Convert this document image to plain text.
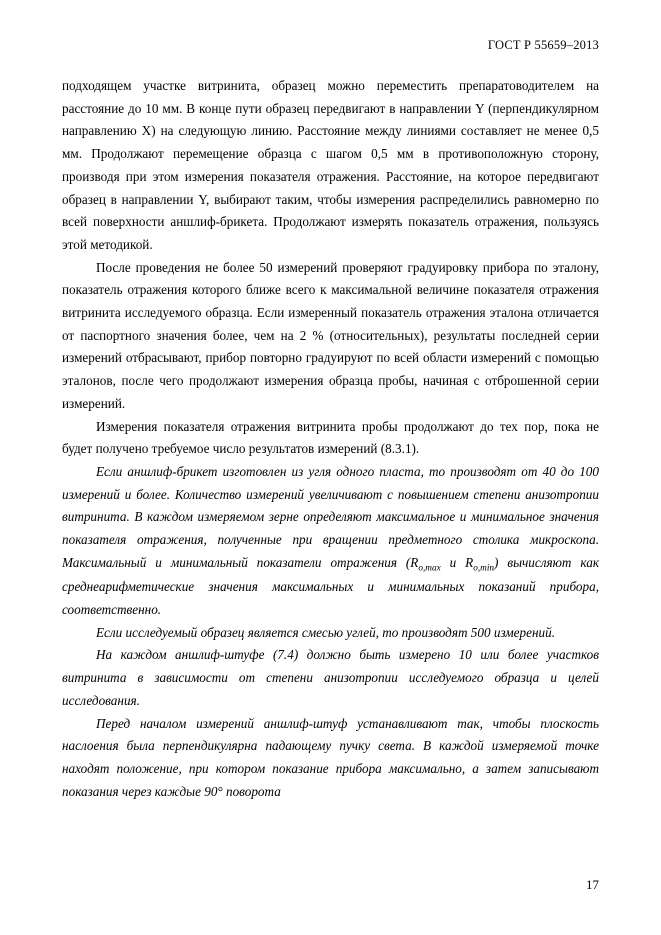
ГОСТ Р 55659–2013

подходящем участке витринита, образец можно переместить препаратоводителем на расстояние до 10 мм. В конце пути образец передвигают в направлении Y (перпендикулярном направлению X) на следующую линию. Расстояние между линиями составляет не менее 0,5 мм. Продолжают перемещение образца с шагом 0,5 мм в противоположную сторону, производя при этом измерения показателя отражения. Расстояние, на которое передвигают образец в направлении Y, выбирают таким, чтобы измерения распределились равномерно по всей поверхности аншлиф-брикета. Продолжают измерять показатель отражения, пользуясь этой методикой.

После проведения не более 50 измерений проверяют градуировку прибора по эталону, показатель отражения которого ближе всего к максимальной величине показателя отражения витринита исследуемого образца. Если измеренный показатель отражения эталона отличается от паспортного значения более, чем на 2 % (относительных), результаты последней серии измерений отбрасывают, прибор повторно градуируют по всей области измерений с помощью эталонов, после чего продолжают измерения образца пробы, начиная с отброшенной серии измерений.

Измерения показателя отражения витринита пробы продолжают до тех пор, пока не будет получено требуемое число результатов измерений (8.3.1).

Если аншлиф-брикет изготовлен из угля одного пласта, то производят от 40 до 100 измерений и более. Количество измерений увеличивают с повышением степени анизотропии витринита. В каждом измеряемом зерне определяют максимальное и минимальное значения показателя отражения, полученные при вращении предметного столика микроскопа. Максимальный и минимальный показатели отражения ($R_{o,max}$ и $R_{o,min}$) вычисляют как среднеарифметические значения максимальных и минимальных показаний прибора, соответственно.

Если исследуемый образец является смесью углей, то производят 500 измерений.

На каждом аншлиф-штуфе (7.4) должно быть измерено 10 или более участков витринита в зависимости от степени анизотропии исследуемого образца и целей исследования.

Перед началом измерений аншлиф-штуф устанавливают так, чтобы плоскость наслоения была перпендикулярна падающему пучку света. В каждой измеряемой точке находят положение, при котором показание прибора максимально, а затем записывают показания через каждые 90° поворота

17
